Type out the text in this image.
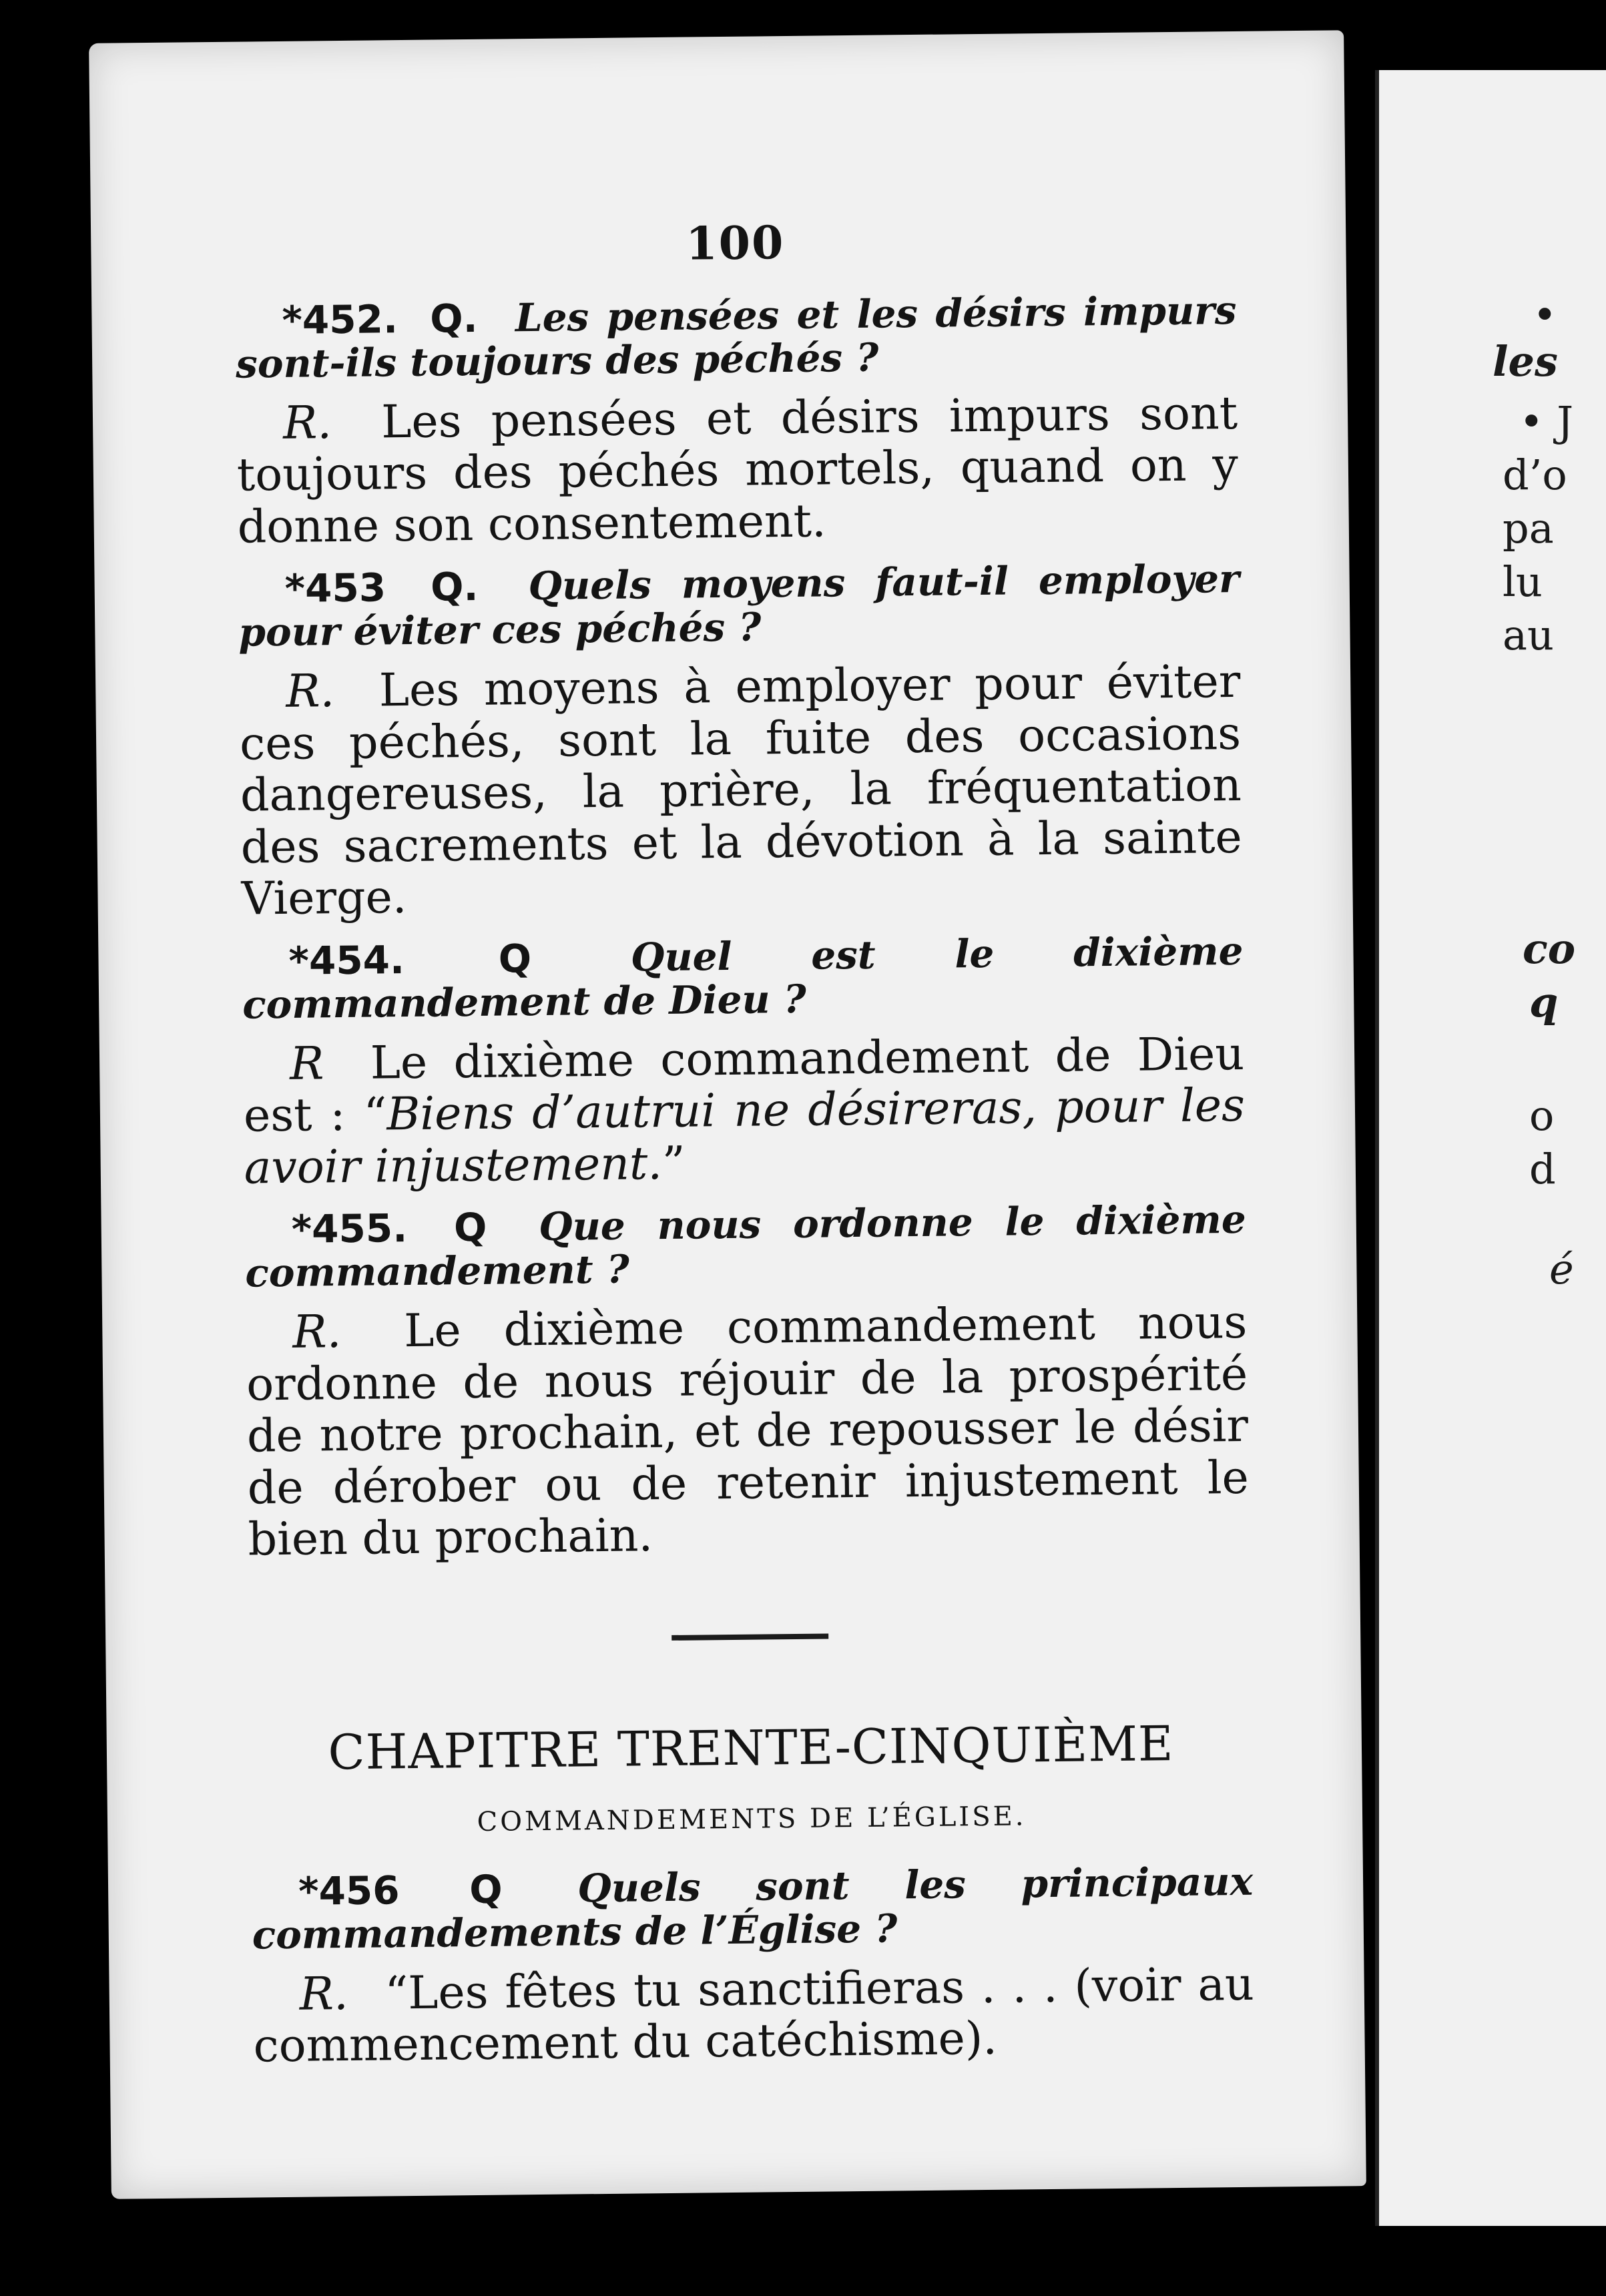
100
*452. Q. Les pensées et les désirs impurs sont-ils toujours des péchés ?
R. Les pensées et désirs impurs sont toujours des péchés mortels, quand on y donne son consentement.
*453 Q. Quels moyens faut-il employer pour éviter ces péchés ?
R. Les moyens à employer pour éviter ces péchés, sont la fuite des occasions dangereuses, la prière, la fréquentation des sacrements et la dévotion à la sainte Vierge.
*454. Q	Quel est le dixième commandement de Dieu ?
R Le dixième commandement de Dieu est : “Biens d’autrui ne désireras, pour les avoir injustement.”
*455. Q Que nous ordonne le dixième commandement ?
R. Le dixième commandement nous ordonne de nous réjouir de la prospérité de notre prochain, et de repousser le désir de dérober ou de retenir injustement le bien du prochain.
CHAPITRE TRENTE-CINQUIÈME
COMMANDEMENTS DE L’ÉGLISE.
*456 Q Quels sont les principaux commandements de l’Église ?
R. “Les fêtes tu sanctifieras . . . (voir au commencement du catéchisme).
•
les
• J
d’o
pa
lu
au
co
q
o
d
é
